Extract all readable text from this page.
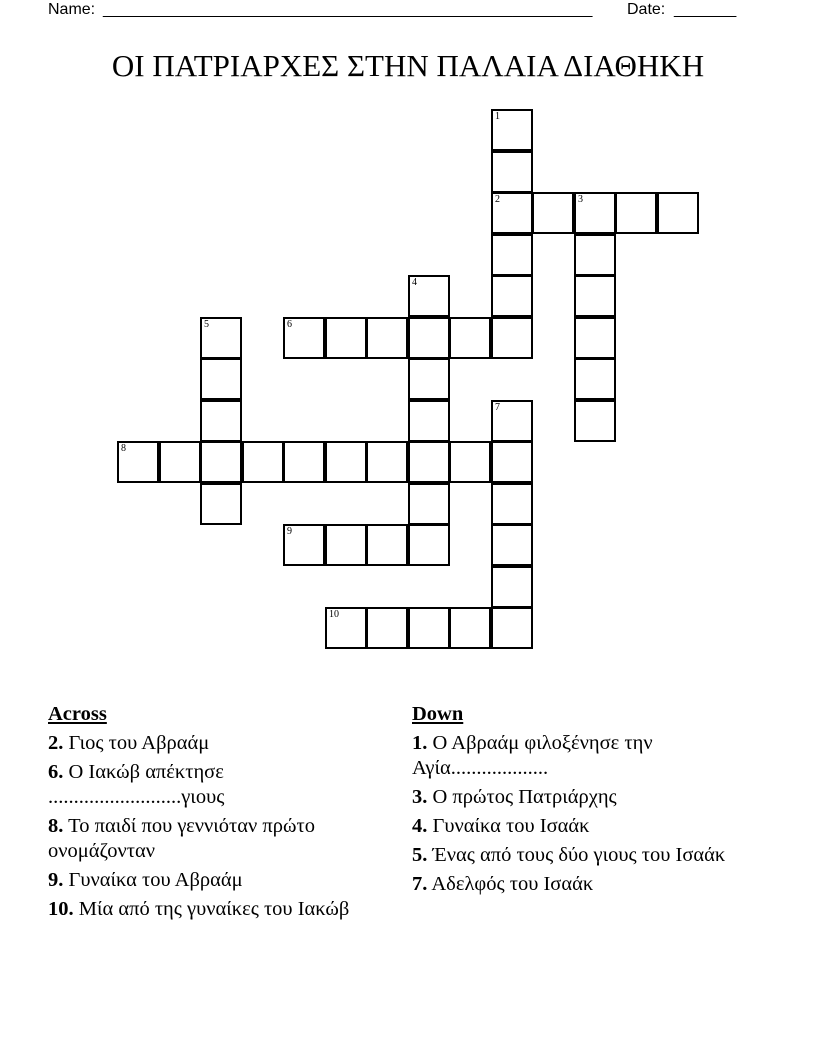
Name: _______________________________________________________ Date: _______
ΟΙ ΠΑΤΡΙΑΡΧΕΣ ΣΤΗΝ ΠΑΛΑΙΑ ΔΙΑΘΗΚΗ
1
2	3
4
5	6
7
8
9
10
Across
2. Γιος του Αβραάμ
6. Ο Ιακώβ απέκτησε ..........................γιους
8. Το παιδί που γεννιόταν πρώτο ονομάζονταν
9. Γυναίκα του Αβραάμ
10. Μία από της γυναίκες του Ιακώβ
Down
1. Ο Αβραάμ φιλοξένησε την Αγία...................
3. Ο πρώτος Πατριάρχης
4. Γυναίκα του Ισαάκ
5. Ένας από τους δύο γιους του Ισαάκ
7. Αδελφός του Ισαάκ
